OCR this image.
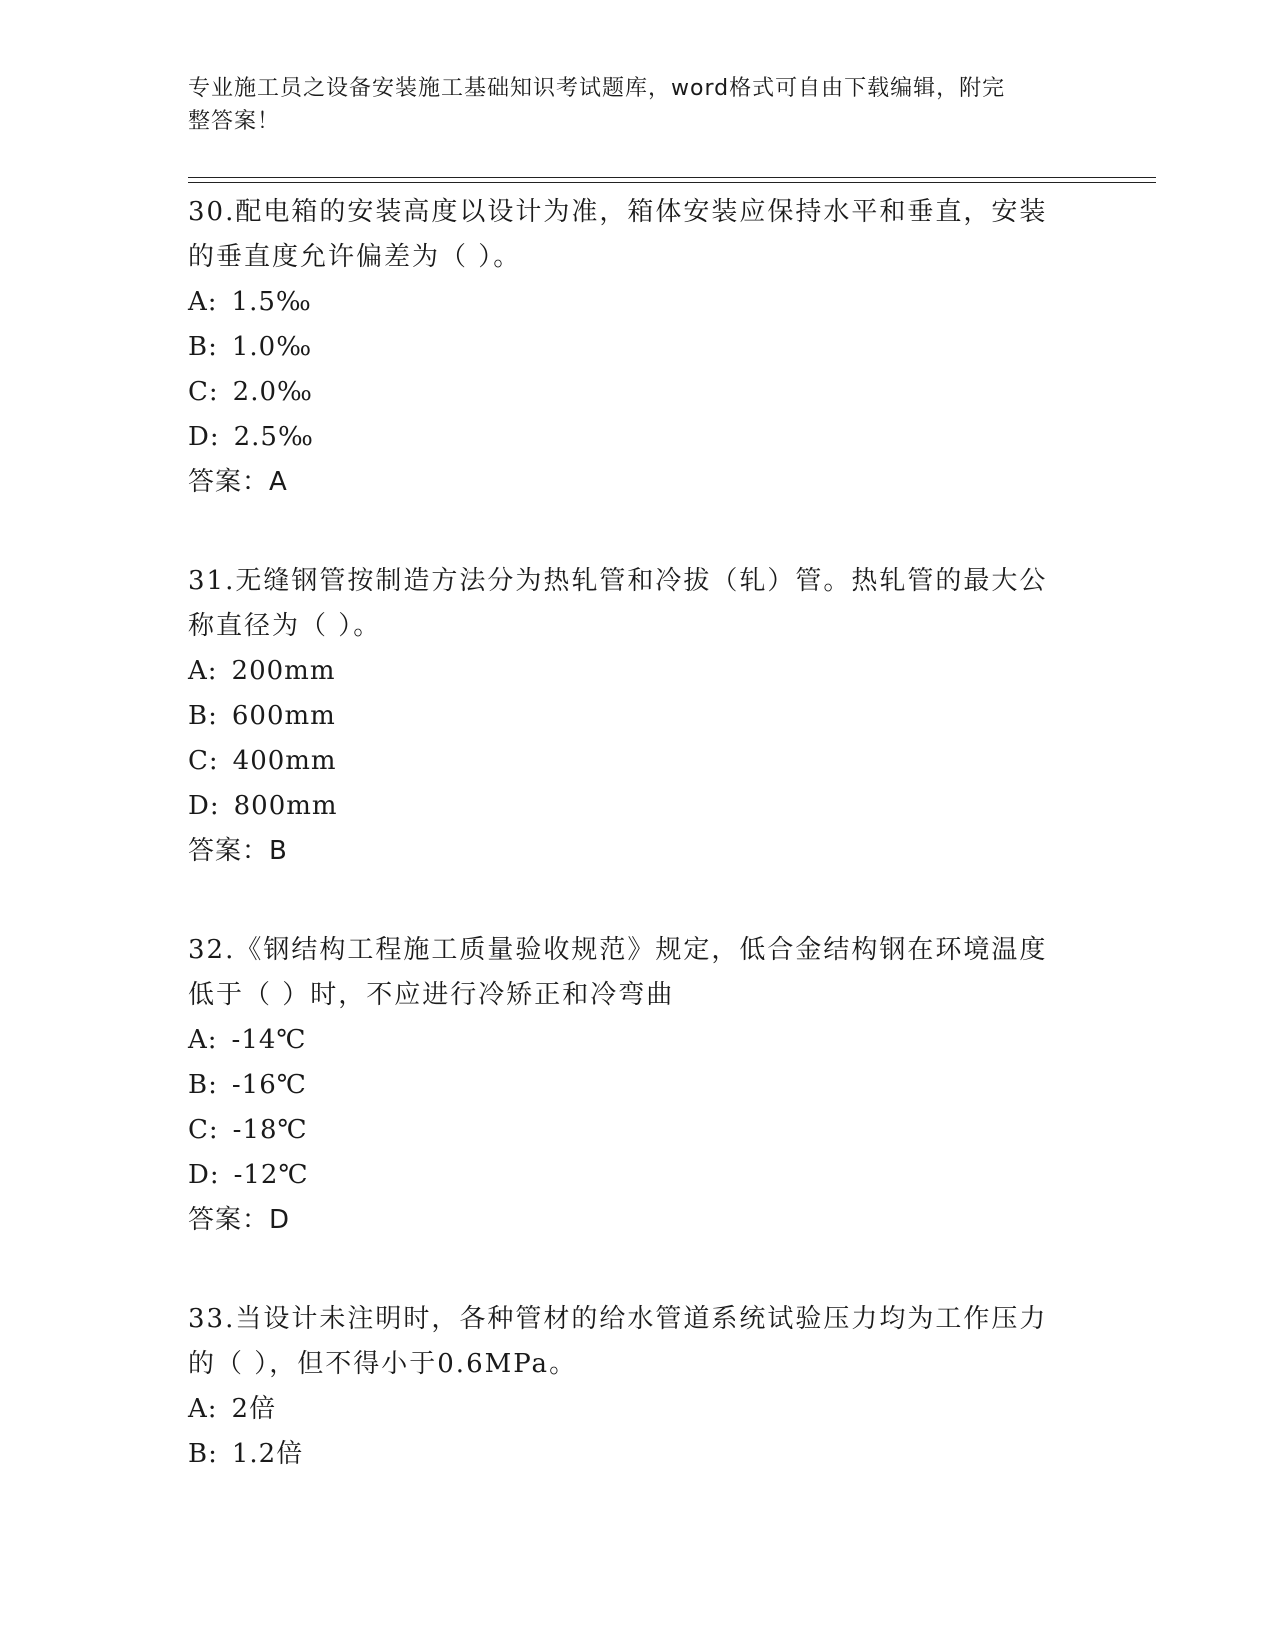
专业施工员之设备安装施工基础知识考试题库，word格式可自由下载编辑，附完
整答案！
30.配电箱的安装高度以设计为准，箱体安装应保持水平和垂直，安装
的垂直度允许偏差为（ ）。
A: 1.5‰
B: 1.0‰
C: 2.0‰
D: 2.5‰
答案：A
31.无缝钢管按制造方法分为热轧管和冷拔（轧）管。热轧管的最大公
称直径为（ ）。
A: 200mm
B: 600mm
C: 400mm
D: 800mm
答案：B
32.《钢结构工程施工质量验收规范》规定，低合金结构钢在环境温度
低于（ ）时，不应进行冷矫正和冷弯曲
A: -14℃
B: -16℃
C: -18℃
D: -12℃
答案：D
33.当设计未注明时，各种管材的给水管道系统试验压力均为工作压力
的（ ），但不得小于0.6MPa。
A: 2倍
B: 1.2倍
